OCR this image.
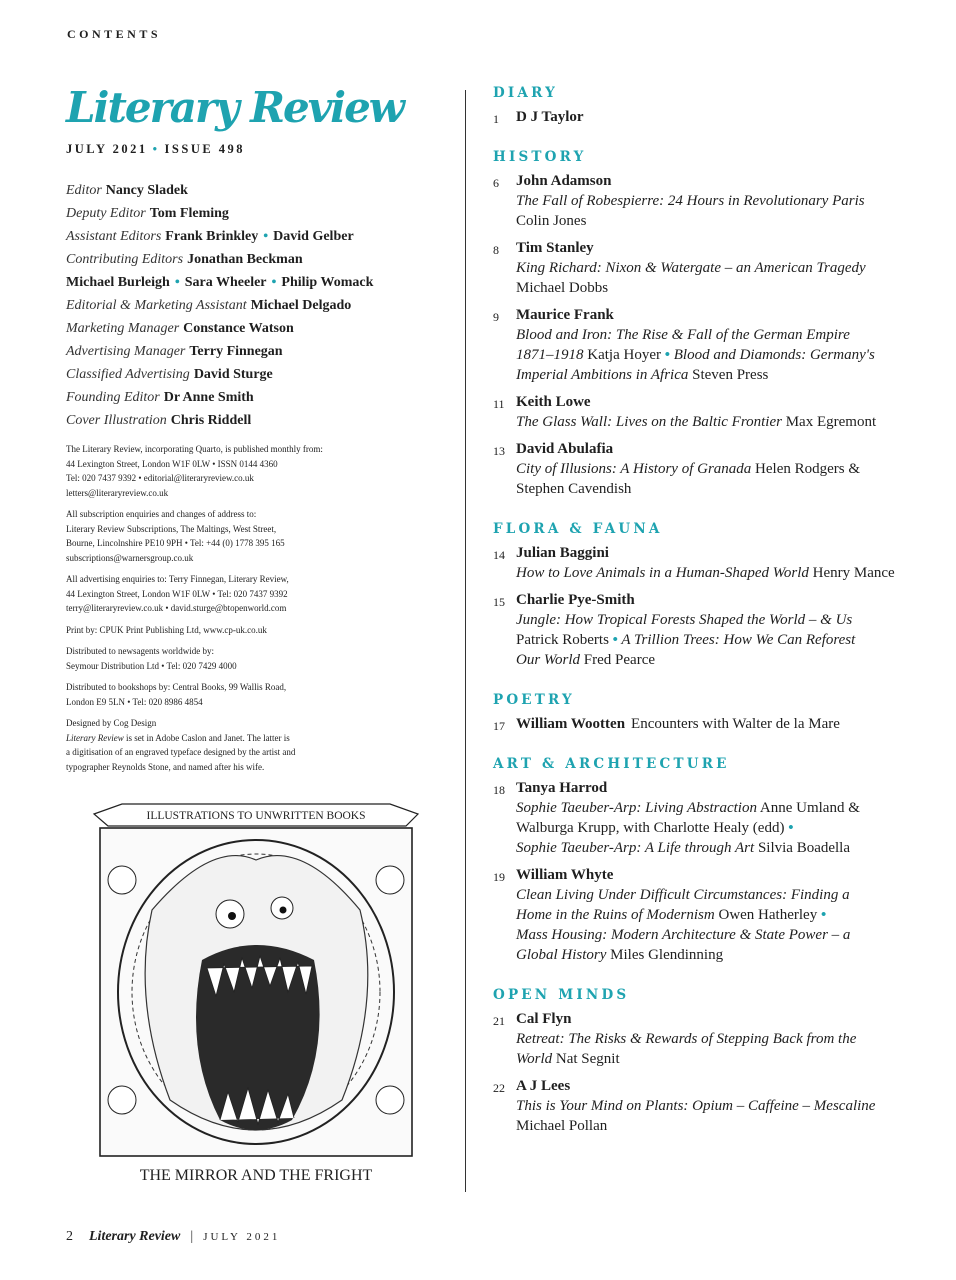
CONTENTS
Literary Review
JULY 2021 • ISSUE 498
Editor Nancy Sladek
Deputy Editor Tom Fleming
Assistant Editors Frank Brinkley • David Gelber
Contributing Editors Jonathan Beckman
Michael Burleigh • Sara Wheeler • Philip Womack
Editorial & Marketing Assistant Michael Delgado
Marketing Manager Constance Watson
Advertising Manager Terry Finnegan
Classified Advertising David Sturge
Founding Editor Dr Anne Smith
Cover Illustration Chris Riddell

The Literary Review, incorporating Quarto, is published monthly from:
44 Lexington Street, London W1F 0LW • ISSN 0144 4360
Tel: 020 7437 9392 • editorial@literaryreview.co.uk
letters@literaryreview.co.uk

All subscription enquiries and changes of address to:
Literary Review Subscriptions, The Maltings, West Street,
Bourne, Lincolnshire PE10 9PH • Tel: +44 (0) 1778 395 165
subscriptions@warnersgroup.co.uk

All advertising enquiries to: Terry Finnegan, Literary Review,
44 Lexington Street, London W1F 0LW • Tel: 020 7437 9392
terry@literaryreview.co.uk • david.sturge@btopenworld.com

Print by: CPUK Print Publishing Ltd, www.cp-uk.co.uk

Distributed to newsagents worldwide by:
Seymour Distribution Ltd • Tel: 020 7429 4000

Distributed to bookshops by: Central Books, 99 Wallis Road,
London E9 5LN • Tel: 020 8986 4854

Designed by Cog Design
Literary Review is set in Adobe Caslon and Janet. The latter is
a digitisation of an engraved typeface designed by the artist and
typographer Reynolds Stone, and named after his wife.

ILLUSTRATIONS TO UNWRITTEN BOOKS
THE MIRROR AND THE FRIGHT
DIARY
1 D J Taylor
HISTORY
6 John Adamson
The Fall of Robespierre: 24 Hours in Revolutionary Paris
Colin Jones
8 Tim Stanley
King Richard: Nixon & Watergate – an American Tragedy
Michael Dobbs
9 Maurice Frank
Blood and Iron: The Rise & Fall of the German Empire
1871–1918 Katja Hoyer • Blood and Diamonds: Germany's
Imperial Ambitions in Africa Steven Press
11 Keith Lowe
The Glass Wall: Lives on the Baltic Frontier Max Egremont
13 David Abulafia
City of Illusions: A History of Granada Helen Rodgers &
Stephen Cavendish
FLORA & FAUNA
14 Julian Baggini
How to Love Animals in a Human-Shaped World Henry Mance
15 Charlie Pye-Smith
Jungle: How Tropical Forests Shaped the World – & Us
Patrick Roberts • A Trillion Trees: How We Can Reforest
Our World Fred Pearce
POETRY
17 William Wootten Encounters with Walter de la Mare
ART & ARCHITECTURE
18 Tanya Harrod
Sophie Taeuber-Arp: Living Abstraction Anne Umland &
Walburga Krupp, with Charlotte Healy (edd) •
Sophie Taeuber-Arp: A Life through Art Silvia Boadella
19 William Whyte
Clean Living Under Difficult Circumstances: Finding a
Home in the Ruins of Modernism Owen Hatherley •
Mass Housing: Modern Architecture & State Power – a
Global History Miles Glendinning
OPEN MINDS
21 Cal Flyn
Retreat: The Risks & Rewards of Stepping Back from the
World Nat Segnit
22 A J Lees
This is Your Mind on Plants: Opium – Caffeine – Mescaline
Michael Pollan
2 Literary Review | JULY 2021
